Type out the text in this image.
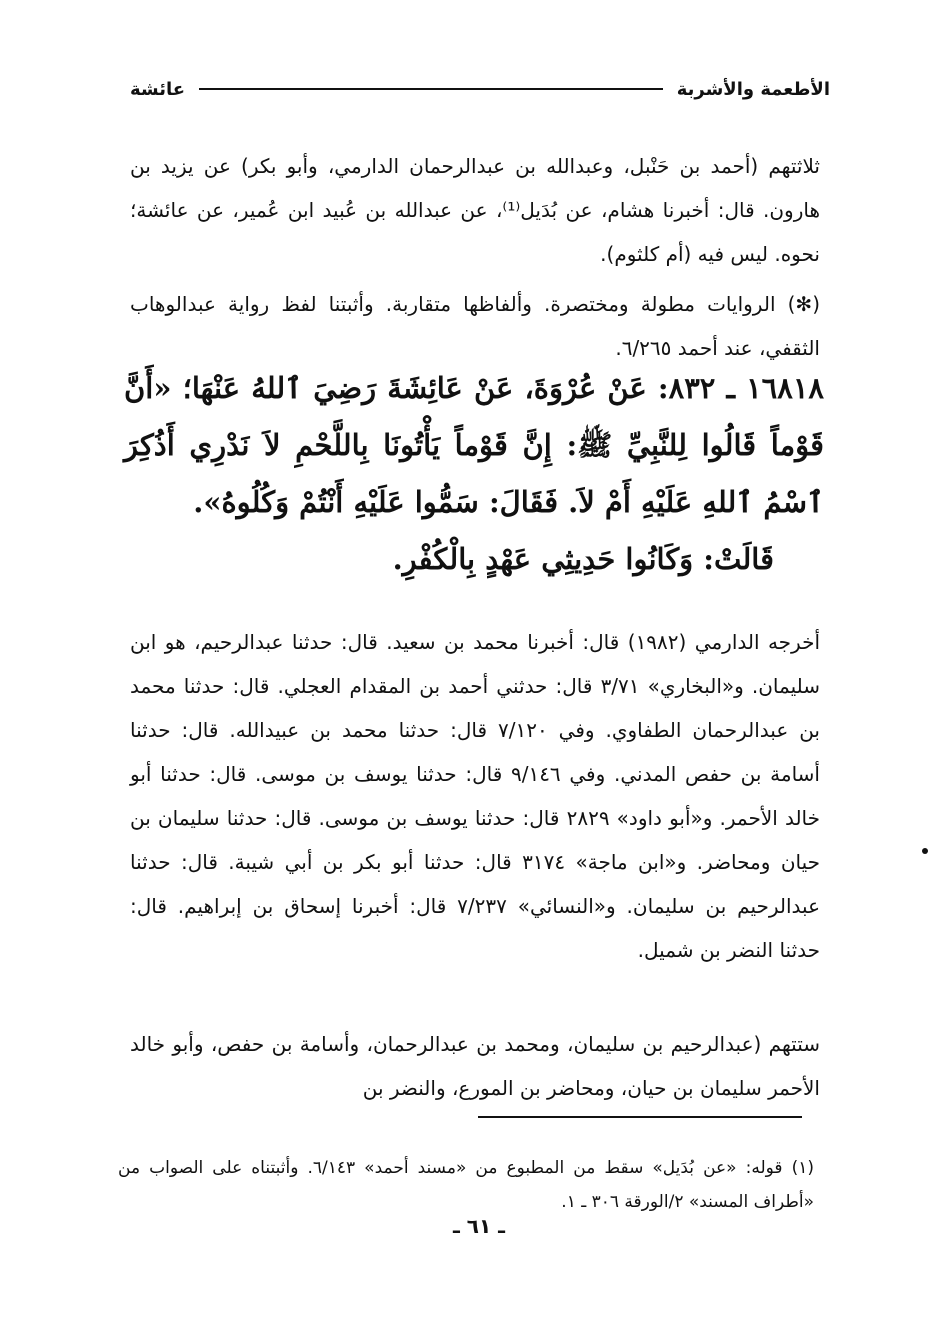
الأطعمة والأشربة
عائشة

ثلاثتهم (أحمد بن حَنْبل، وعبدالله بن عبدالرحمان الدارمي، وأبو بكر) عن يزيد بن هارون. قال: أخبرنا هشام، عن بُدَيل⁽¹⁾، عن عبدالله بن عُبيد ابن عُمير، عن عائشة؛ نحوه. ليس فيه (أم كلثوم).

(✻) الروايات مطولة ومختصرة. وألفاظها متقاربة. وأثبتنا لفظ رواية عبدالوهاب الثقفي، عند أحمد ٦/٢٦٥.

١٦٨١٨ ـ ٨٣٢: عَنْ عُرْوَةَ، عَنْ عَائِشَةَ رَضِيَ ٱللهُ عَنْهَا؛ «أَنَّ قَوْماً قَالُوا لِلنَّبِيِّ ﷺ: إِنَّ قَوْماً يَأْتُونَا بِاللَّحْمِ لاَ نَدْرِي أَذُكِرَ ٱسْمُ ٱللهِ عَلَيْهِ أَمْ لاَ. فَقَالَ: سَمُّوا عَلَيْهِ أَنْتُمْ وَكُلُوهُ».
قَالَتْ: وَكَانُوا حَدِيثِي عَهْدٍ بِالْكُفْرِ.

أخرجه الدارمي (١٩٨٢) قال: أخبرنا محمد بن سعيد. قال: حدثنا عبدالرحيم، هو ابن سليمان. و«البخاري» ٣/٧١ قال: حدثني أحمد بن المقدام العجلي. قال: حدثنا محمد بن عبدالرحمان الطفاوي. وفي ٧/١٢٠ قال: حدثنا محمد بن عبيدالله. قال: حدثنا أسامة بن حفص المدني. وفي ٩/١٤٦ قال: حدثنا يوسف بن موسى. قال: حدثنا أبو خالد الأحمر. و«أبو داود» ٢٨٢٩ قال: حدثنا يوسف بن موسى. قال: حدثنا سليمان بن حيان ومحاضر. و«ابن ماجة» ٣١٧٤ قال: حدثنا أبو بكر بن أبي شيبة. قال: حدثنا عبدالرحيم بن سليمان. و«النسائي» ٧/٢٣٧ قال: أخبرنا إسحاق بن إبراهيم. قال: حدثنا النضر بن شميل.

ستتهم (عبدالرحيم بن سليمان، ومحمد بن عبدالرحمان، وأسامة بن حفص، وأبو خالد الأحمر سليمان بن حيان، ومحاضر بن المورع، والنضر بن

(١) قوله: «عن بُدَيل» سقط من المطبوع من «مسند أحمد» ٦/١٤٣. وأثبتناه على الصواب من «أطراف المسند» ٢/الورقة ٣٠٦ ـ ١.

ـ ٦١ ـ
